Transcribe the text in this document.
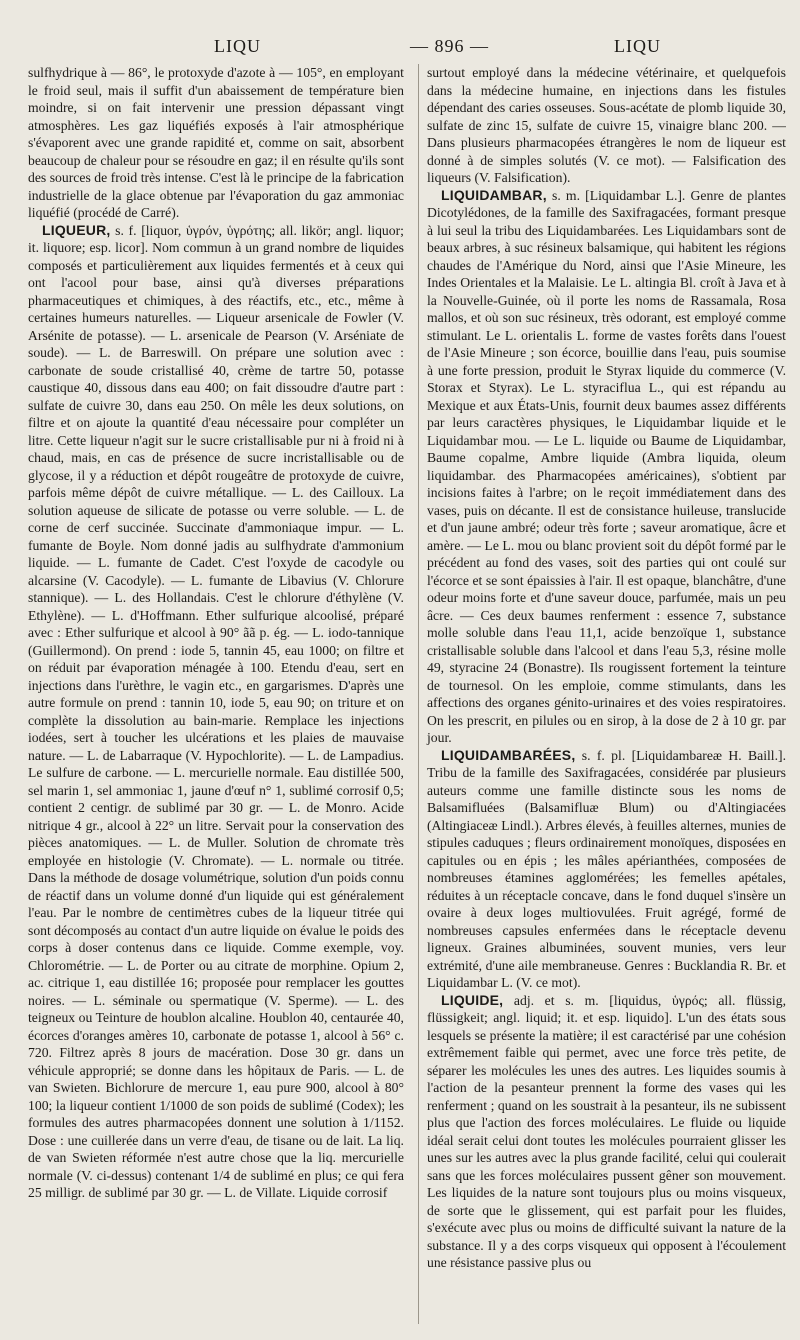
LIQU	— 896 —	LIQU

sulfhydrique à — 86°, le protoxyde d'azote à — 105°, en employant le froid seul, mais il suffit d'un abaissement de température bien moindre, si on fait intervenir une pression dépassant vingt atmosphères. Les gaz liquéfiés exposés à l'air atmosphérique s'évaporent avec une grande rapidité et, comme on sait, absorbent beaucoup de chaleur pour se résoudre en gaz; il en résulte qu'ils sont des sources de froid très intense. C'est là le principe de la fabrication industrielle de la glace obtenue par l'évaporation du gaz ammoniac liquéfié (procédé de Carré).

LIQUEUR, s. f. [liquor, ὑγρόν, ὑγρότης; all. likör; angl. liquor; it. liquore; esp. licor]. Nom commun à un grand nombre de liquides composés et particulièrement aux liquides fermentés et à ceux qui ont l'acool pour base, ainsi qu'à diverses préparations pharmaceutiques et chimiques, à des réactifs, etc., etc., même à certaines humeurs naturelles. — Liqueur arsenicale de Fowler (V. Arsénite de potasse). — L. arsenicale de Pearson (V. Arséniate de soude). — L. de Barreswill. On prépare une solution avec : carbonate de soude cristallisé 40, crème de tartre 50, potasse caustique 40, dissous dans eau 400; on fait dissoudre d'autre part : sulfate de cuivre 30, dans eau 250. On mêle les deux solutions, on filtre et on ajoute la quantité d'eau nécessaire pour compléter un litre. Cette liqueur n'agit sur le sucre cristallisable pur ni à froid ni à chaud, mais, en cas de présence de sucre incristallisable ou de glycose, il y a réduction et dépôt rougeâtre de protoxyde de cuivre, parfois même dépôt de cuivre métallique. — L. des Cailloux. La solution aqueuse de silicate de potasse ou verre soluble. — L. de corne de cerf succinée. Succinate d'ammoniaque impur. — L. fumante de Boyle. Nom donné jadis au sulfhydrate d'ammonium liquide. — L. fumante de Cadet. C'est l'oxyde de cacodyle ou alcarsine (V. Cacodyle). — L. fumante de Libavius (V. Chlorure stannique). — L. des Hollandais. C'est le chlorure d'éthylène (V. Ethylène). — L. d'Hoffmann. Ether sulfurique alcoolisé, préparé avec : Ether sulfurique et alcool à 90° ãã p. ég. — L. iodo-tannique (Guillermond). On prend : iode 5, tannin 45, eau 1000; on filtre et on réduit par évaporation ménagée à 100. Etendu d'eau, sert en injections dans l'urèthre, le vagin etc., en gargarismes. D'après une autre formule on prend : tannin 10, iode 5, eau 90; on triture et on complète la dissolution au bain-marie. Remplace les injections iodées, sert à toucher les ulcérations et les plaies de mauvaise nature. — L. de Labarraque (V. Hypochlorite). — L. de Lampadius. Le sulfure de carbone. — L. mercurielle normale. Eau distillée 500, sel marin 1, sel ammoniac 1, jaune d'œuf n° 1, sublimé corrosif 0,5; contient 2 centigr. de sublimé par 30 gr. — L. de Monro. Acide nitrique 4 gr., alcool à 22° un litre. Servait pour la conservation des pièces anatomiques. — L. de Muller. Solution de chromate très employée en histologie (V. Chromate). — L. normale ou titrée. Dans la méthode de dosage volumétrique, solution d'un poids connu de réactif dans un volume donné d'un liquide qui est généralement l'eau. Par le nombre de centimètres cubes de la liqueur titrée qui sont décomposés au contact d'un autre liquide on évalue le poids des corps à doser contenus dans ce liquide. Comme exemple, voy. Chlorométrie. — L. de Porter ou au citrate de morphine. Opium 2, ac. citrique 1, eau distillée 16; proposée pour remplacer les gouttes noires. — L. séminale ou spermatique (V. Sperme). — L. des teigneux ou Teinture de houblon alcaline. Houblon 40, centaurée 40, écorces d'oranges amères 10, carbonate de potasse 1, alcool à 56° c. 720. Filtrez après 8 jours de macération. Dose 30 gr. dans un véhicule approprié; se donne dans les hôpitaux de Paris. — L. de van Swieten. Bichlorure de mercure 1, eau pure 900, alcool à 80° 100; la liqueur contient 1/1000 de son poids de sublimé (Codex); les formules des autres pharmacopées donnent une solution à 1/1152. Dose : une cuillerée dans un verre d'eau, de tisane ou de lait. La liq. de van Swieten réformée n'est autre chose que la liq. mercurielle normale (V. ci-dessus) contenant 1/4 de sublimé en plus; ce qui fera 25 milligr. de sublimé par 30 gr. — L. de Villate. Liquide corrosif

surtout employé dans la médecine vétérinaire, et quelquefois dans la médecine humaine, en injections dans les fistules dépendant des caries osseuses. Sous-acétate de plomb liquide 30, sulfate de zinc 15, sulfate de cuivre 15, vinaigre blanc 200. — Dans plusieurs pharmacopées étrangères le nom de liqueur est donné à de simples solutés (V. ce mot). — Falsification des liqueurs (V. Falsification).

LIQUIDAMBAR, s. m. [Liquidambar L.]. Genre de plantes Dicotylédones, de la famille des Saxifragacées, formant presque à lui seul la tribu des Liquidambarées. Les Liquidambars sont de beaux arbres, à suc résineux balsamique, qui habitent les régions chaudes de l'Amérique du Nord, ainsi que l'Asie Mineure, les Indes Orientales et la Malaisie. Le L. altingia Bl. croît à Java et à la Nouvelle-Guinée, où il porte les noms de Rassamala, Rosa mallos, et où son suc résineux, très odorant, est employé comme stimulant. Le L. orientalis L. forme de vastes forêts dans l'ouest de l'Asie Mineure ; son écorce, bouillie dans l'eau, puis soumise à une forte pression, produit le Styrax liquide du commerce (V. Storax et Styrax). Le L. styraciflua L., qui est répandu au Mexique et aux États-Unis, fournit deux baumes assez différents par leurs caractères physiques, le Liquidambar liquide et le Liquidambar mou. — Le L. liquide ou Baume de Liquidambar, Baume copalme, Ambre liquide (Ambra liquida, oleum liquidambar. des Pharmacopées américaines), s'obtient par incisions faites à l'arbre; on le reçoit immédiatement dans des vases, puis on décante. Il est de consistance huileuse, translucide et d'un jaune ambré; odeur très forte ; saveur aromatique, âcre et amère. — Le L. mou ou blanc provient soit du dépôt formé par le précédent au fond des vases, soit des parties qui ont coulé sur l'écorce et se sont épaissies à l'air. Il est opaque, blanchâtre, d'une odeur moins forte et d'une saveur douce, parfumée, mais un peu âcre. — Ces deux baumes renferment : essence 7, substance molle soluble dans l'eau 11,1, acide benzoïque 1, substance cristallisable soluble dans l'alcool et dans l'eau 5,3, résine molle 49, styracine 24 (Bonastre). Ils rougissent fortement la teinture de tournesol. On les emploie, comme stimulants, dans les affections des organes génito-urinaires et des voies respiratoires. On les prescrit, en pilules ou en sirop, à la dose de 2 à 10 gr. par jour.

LIQUIDAMBARÉES, s. f. pl. [Liquidambareæ H. Baill.]. Tribu de la famille des Saxifragacées, considérée par plusieurs auteurs comme une famille distincte sous les noms de Balsamifluées (Balsamifluæ Blum) ou d'Altingiacées (Altingiaceæ Lindl.). Arbres élevés, à feuilles alternes, munies de stipules caduques ; fleurs ordinairement monoïques, disposées en capitules ou en épis ; les mâles apérianthées, composées de nombreuses étamines agglomérées; les femelles apétales, réduites à un réceptacle concave, dans le fond duquel s'insère un ovaire à deux loges multiovulées. Fruit agrégé, formé de nombreuses capsules enfermées dans le réceptacle devenu ligneux. Graines albuminées, souvent munies, vers leur extrémité, d'une aile membraneuse. Genres : Bucklandia R. Br. et Liquidambar L. (V. ce mot).

LIQUIDE, adj. et s. m. [liquidus, ὑγρός; all. flüssig, flüssigkeit; angl. liquid; it. et esp. liquido]. L'un des états sous lesquels se présente la matière; il est caractérisé par une cohésion extrêmement faible qui permet, avec une force très petite, de séparer les molécules les unes des autres. Les liquides soumis à l'action de la pesanteur prennent la forme des vases qui les renferment ; quand on les soustrait à la pesanteur, ils ne subissent plus que l'action des forces moléculaires. Le fluide ou liquide idéal serait celui dont toutes les molécules pourraient glisser les unes sur les autres avec la plus grande facilité, celui qui coulerait sans que les forces moléculaires pussent gêner son mouvement. Les liquides de la nature sont toujours plus ou moins visqueux, de sorte que le glissement, qui est parfait pour les fluides, s'exécute avec plus ou moins de difficulté suivant la nature de la substance. Il y a des corps visqueux qui opposent à l'écoulement une résistance passive plus ou
